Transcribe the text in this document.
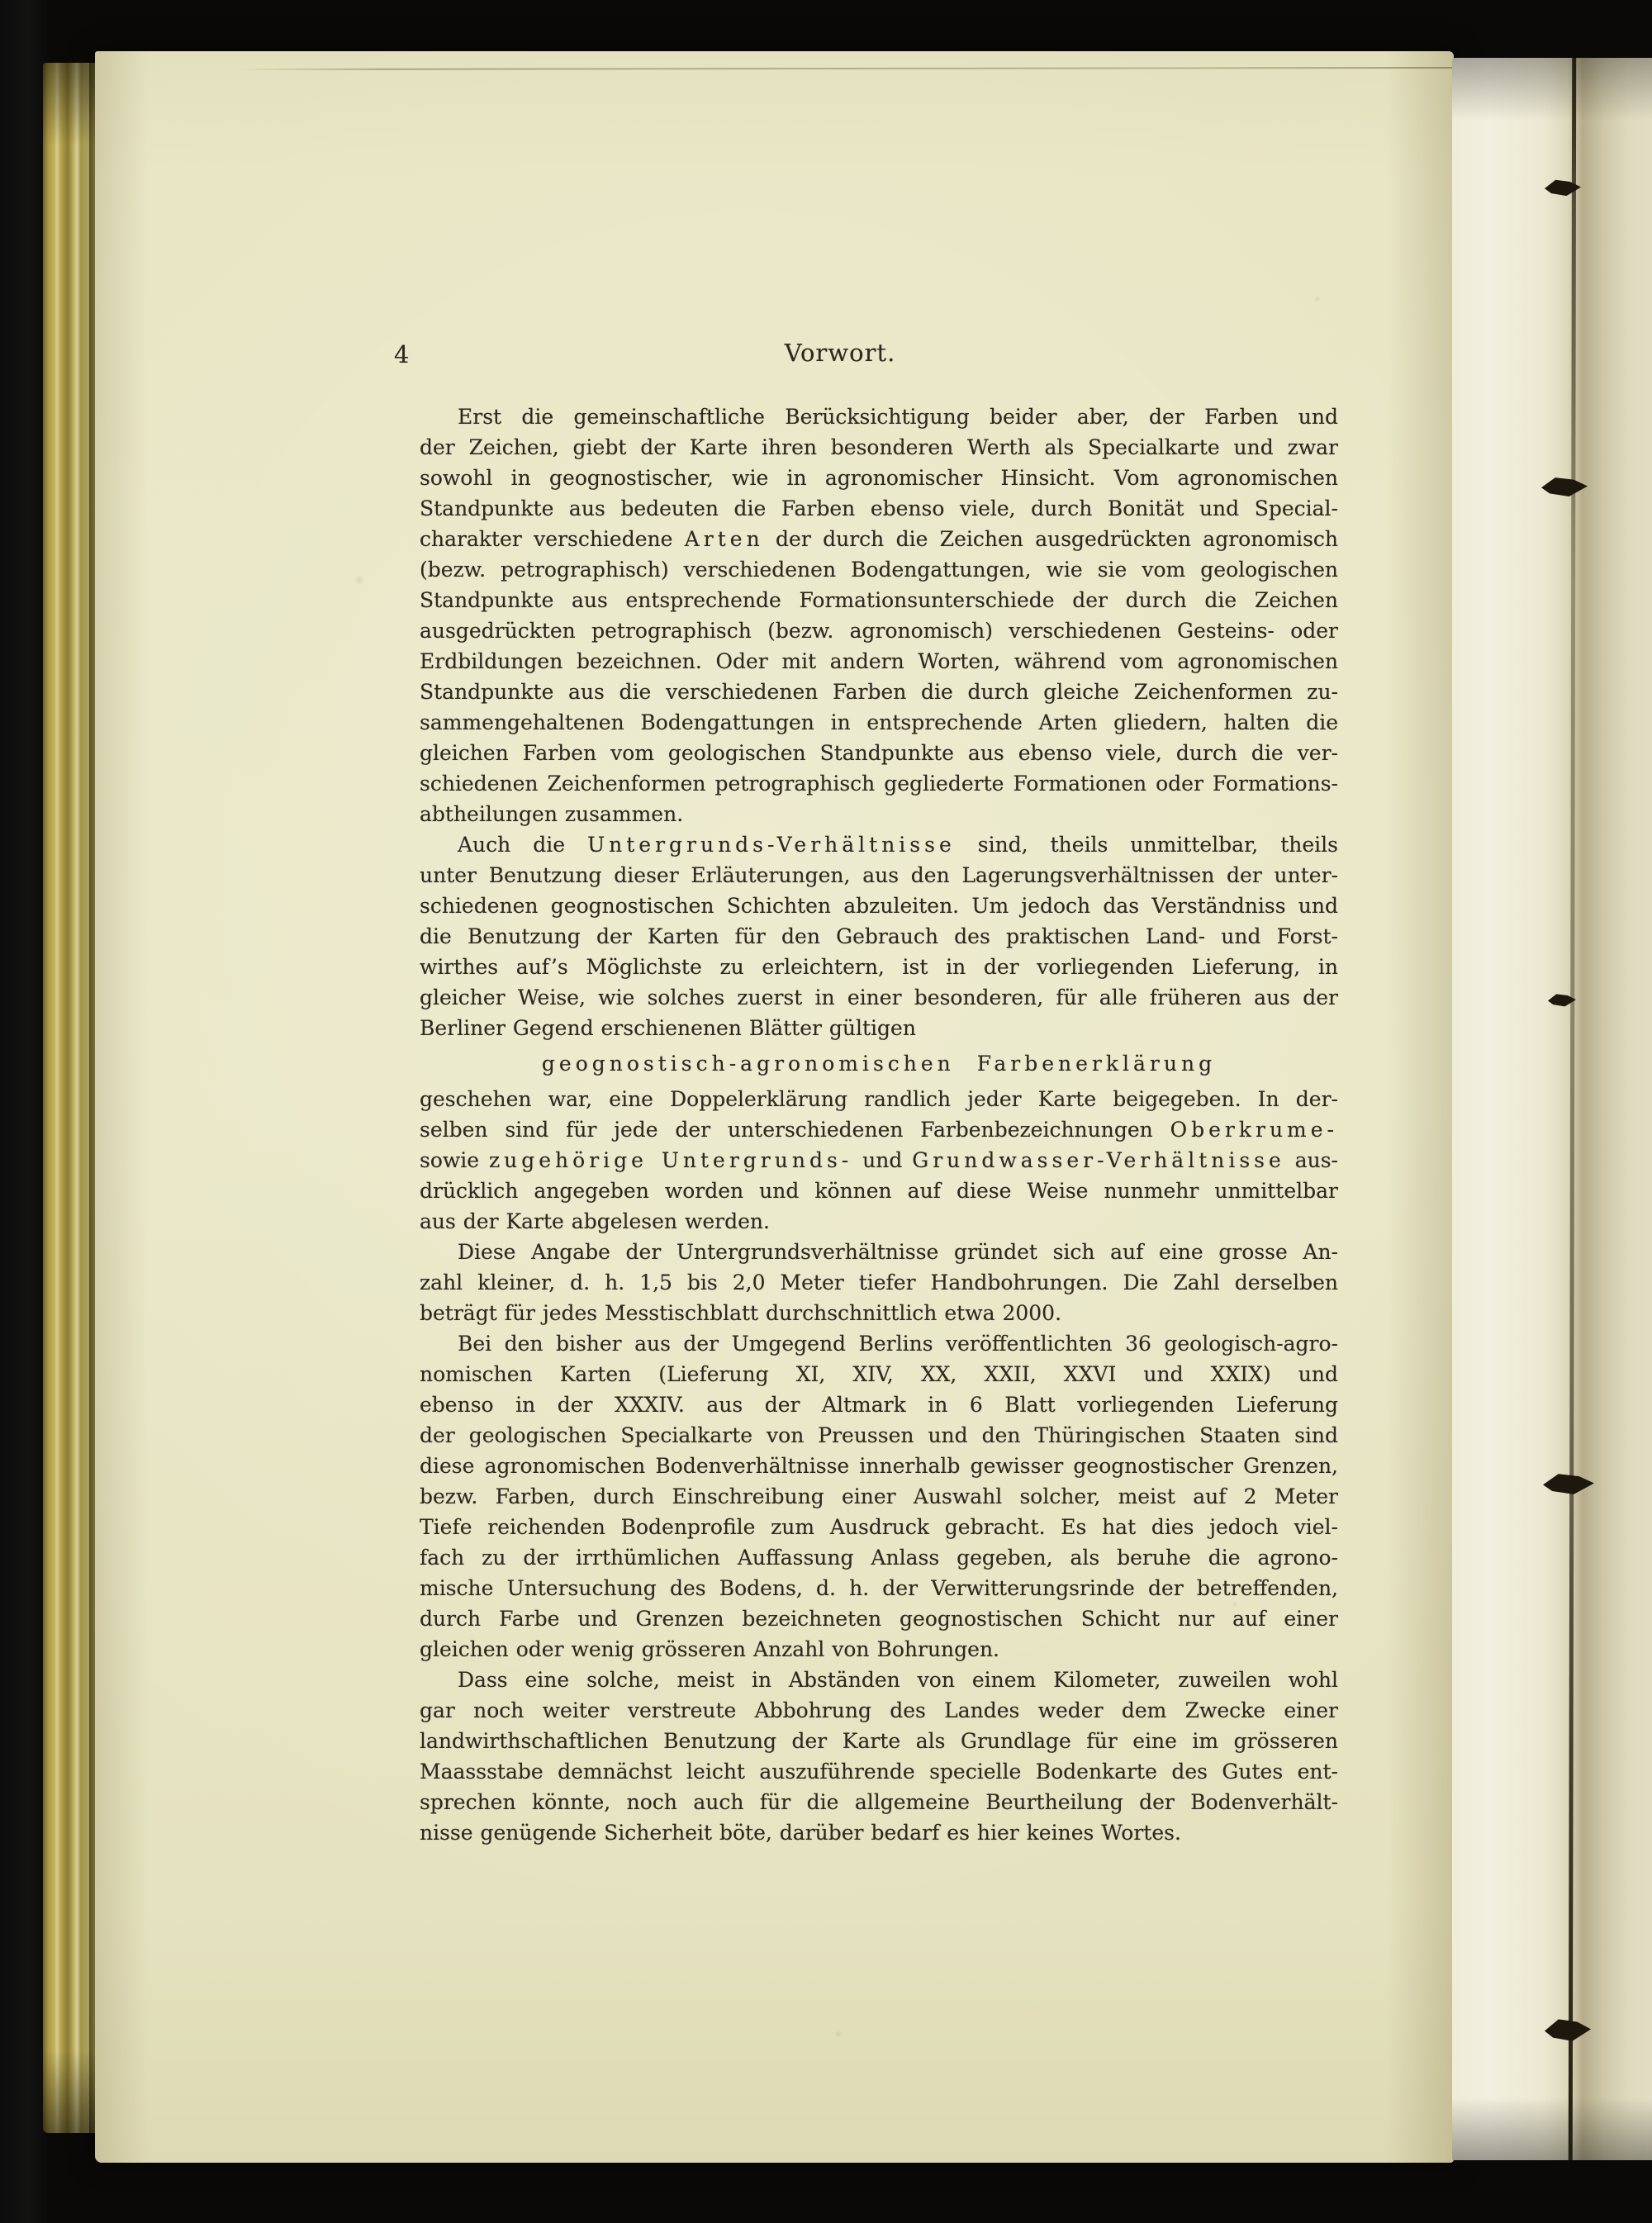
4	Vorwort.
Erst die gemeinschaftliche Berücksichtigung beider aber, der Farben und
der Zeichen, giebt der Karte ihren besonderen Werth als Specialkarte und zwar
sowohl in geognostischer, wie in agronomischer Hinsicht. Vom agronomischen
Standpunkte aus bedeuten die Farben ebenso viele, durch Bonität und Special-
charakter verschiedene Arten der durch die Zeichen ausgedrückten agronomisch
(bezw. petrographisch) verschiedenen Bodengattungen, wie sie vom geologischen
Standpunkte aus entsprechende Formationsunterschiede der durch die Zeichen
ausgedrückten petrographisch (bezw. agronomisch) verschiedenen Gesteins- oder
Erdbildungen bezeichnen. Oder mit andern Worten, während vom agronomischen
Standpunkte aus die verschiedenen Farben die durch gleiche Zeichenformen zu-
sammengehaltenen Bodengattungen in entsprechende Arten gliedern, halten die
gleichen Farben vom geologischen Standpunkte aus ebenso viele, durch die ver-
schiedenen Zeichenformen petrographisch gegliederte Formationen oder Formations-
abtheilungen zusammen.
Auch die Untergrunds-Verhältnisse sind, theils unmittelbar, theils
unter Benutzung dieser Erläuterungen, aus den Lagerungsverhältnissen der unter-
schiedenen geognostischen Schichten abzuleiten. Um jedoch das Verständniss und
die Benutzung der Karten für den Gebrauch des praktischen Land- und Forst-
wirthes auf’s Möglichste zu erleichtern, ist in der vorliegenden Lieferung, in
gleicher Weise, wie solches zuerst in einer besonderen, für alle früheren aus der
Berliner Gegend erschienenen Blätter gültigen
geognostisch-agronomischen Farbenerklärung
geschehen war, eine Doppelerklärung randlich jeder Karte beigegeben. In der-
selben sind für jede der unterschiedenen Farbenbezeichnungen Oberkrume-
sowie zugehörige Untergrunds- und Grundwasser-Verhältnisse aus-
drücklich angegeben worden und können auf diese Weise nunmehr unmittelbar
aus der Karte abgelesen werden.
Diese Angabe der Untergrundsverhältnisse gründet sich auf eine grosse An-
zahl kleiner, d. h. 1,5 bis 2,0 Meter tiefer Handbohrungen. Die Zahl derselben
beträgt für jedes Messtischblatt durchschnittlich etwa 2000.
Bei den bisher aus der Umgegend Berlins veröffentlichten 36 geologisch-agro-
nomischen Karten (Lieferung XI, XIV, XX, XXII, XXVI und XXIX) und
ebenso in der XXXIV. aus der Altmark in 6 Blatt vorliegenden Lieferung
der geologischen Specialkarte von Preussen und den Thüringischen Staaten sind
diese agronomischen Bodenverhältnisse innerhalb gewisser geognostischer Grenzen,
bezw. Farben, durch Einschreibung einer Auswahl solcher, meist auf 2 Meter
Tiefe reichenden Bodenprofile zum Ausdruck gebracht. Es hat dies jedoch viel-
fach zu der irrthümlichen Auffassung Anlass gegeben, als beruhe die agrono-
mische Untersuchung des Bodens, d. h. der Verwitterungsrinde der betreffenden,
durch Farbe und Grenzen bezeichneten geognostischen Schicht nur auf einer
gleichen oder wenig grösseren Anzahl von Bohrungen.
Dass eine solche, meist in Abständen von einem Kilometer, zuweilen wohl
gar noch weiter verstreute Abbohrung des Landes weder dem Zwecke einer
landwirthschaftlichen Benutzung der Karte als Grundlage für eine im grösseren
Maassstabe demnächst leicht auszuführende specielle Bodenkarte des Gutes ent-
sprechen könnte, noch auch für die allgemeine Beurtheilung der Bodenverhält-
nisse genügende Sicherheit böte, darüber bedarf es hier keines Wortes.
